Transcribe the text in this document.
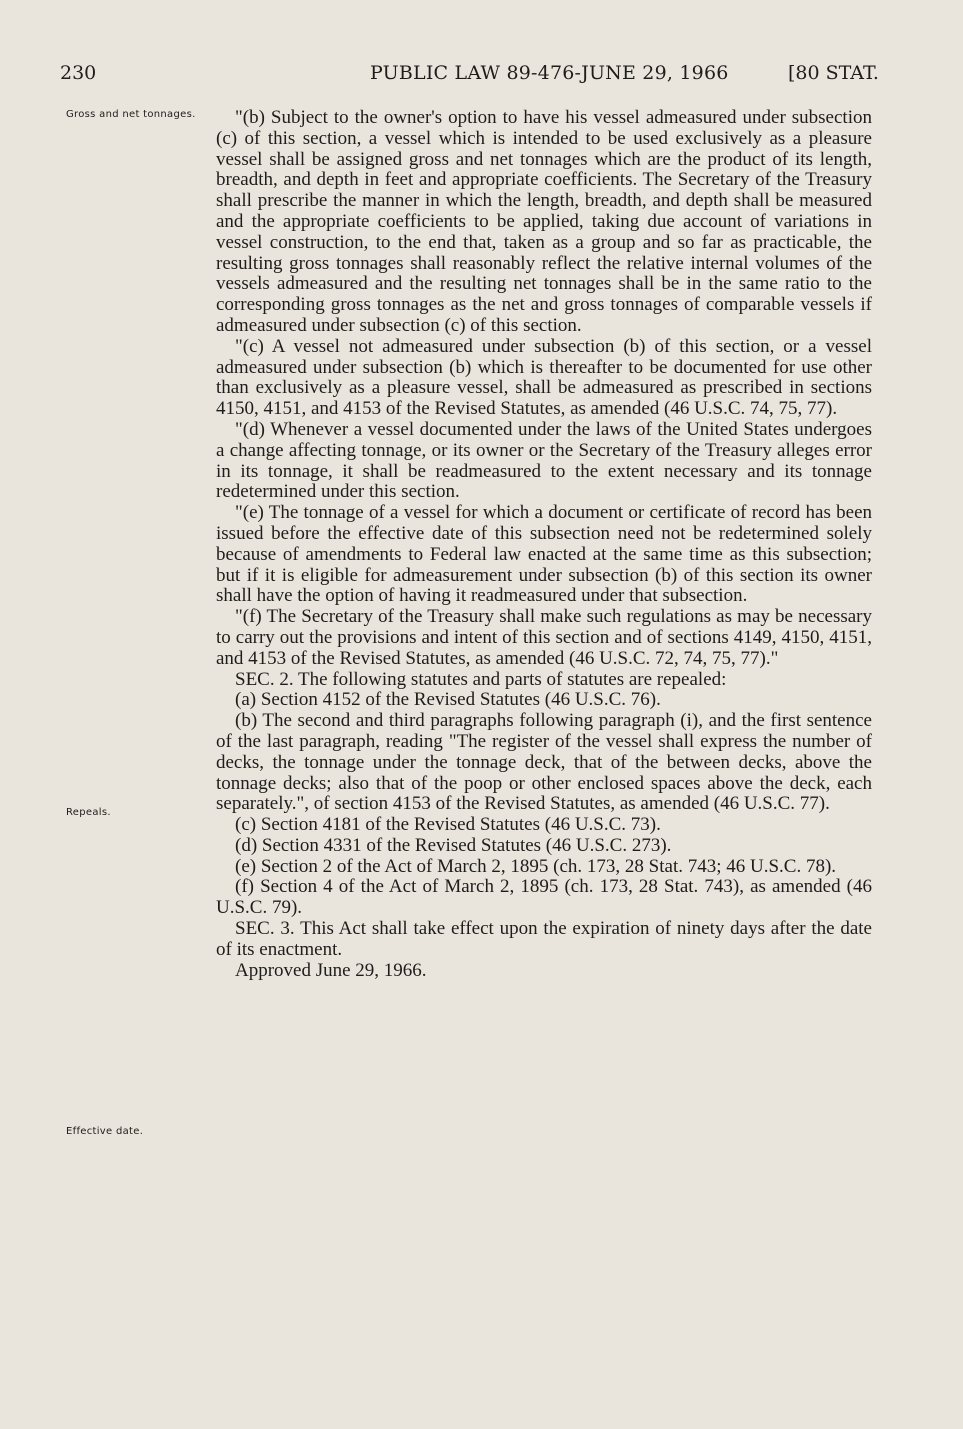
230	PUBLIC LAW 89-476-JUNE 29, 1966	[80 STAT.
Gross and net tonnages.
Repeals.
Effective date.

"(b) Subject to the owner's option to have his vessel admeasured under subsection (c) of this section, a vessel which is intended to be used exclusively as a pleasure vessel shall be assigned gross and net tonnages which are the product of its length, breadth, and depth in feet and appropriate coefficients. The Secretary of the Treasury shall prescribe the manner in which the length, breadth, and depth shall be measured and the appropriate coefficients to be applied, taking due account of variations in vessel construction, to the end that, taken as a group and so far as practicable, the resulting gross tonnages shall reasonably reflect the relative internal volumes of the vessels admeasured and the resulting net tonnages shall be in the same ratio to the corresponding gross tonnages as the net and gross tonnages of comparable vessels if admeasured under subsection (c) of this section.

"(c) A vessel not admeasured under subsection (b) of this section, or a vessel admeasured under subsection (b) which is thereafter to be documented for use other than exclusively as a pleasure vessel, shall be admeasured as prescribed in sections 4150, 4151, and 4153 of the Revised Statutes, as amended (46 U.S.C. 74, 75, 77).

"(d) Whenever a vessel documented under the laws of the United States undergoes a change affecting tonnage, or its owner or the Secretary of the Treasury alleges error in its tonnage, it shall be readmeasured to the extent necessary and its tonnage redetermined under this section.

"(e) The tonnage of a vessel for which a document or certificate of record has been issued before the effective date of this subsection need not be redetermined solely because of amendments to Federal law enacted at the same time as this subsection; but if it is eligible for admeasurement under subsection (b) of this section its owner shall have the option of having it readmeasured under that subsection.

"(f) The Secretary of the Treasury shall make such regulations as may be necessary to carry out the provisions and intent of this section and of sections 4149, 4150, 4151, and 4153 of the Revised Statutes, as amended (46 U.S.C. 72, 74, 75, 77)."

SEC. 2. The following statutes and parts of statutes are repealed:

(a) Section 4152 of the Revised Statutes (46 U.S.C. 76).

(b) The second and third paragraphs following paragraph (i), and the first sentence of the last paragraph, reading "The register of the vessel shall express the number of decks, the tonnage under the tonnage deck, that of the between decks, above the tonnage decks; also that of the poop or other enclosed spaces above the deck, each separately.", of section 4153 of the Revised Statutes, as amended (46 U.S.C. 77).

(c) Section 4181 of the Revised Statutes (46 U.S.C. 73).

(d) Section 4331 of the Revised Statutes (46 U.S.C. 273).

(e) Section 2 of the Act of March 2, 1895 (ch. 173, 28 Stat. 743; 46 U.S.C. 78).

(f) Section 4 of the Act of March 2, 1895 (ch. 173, 28 Stat. 743), as amended (46 U.S.C. 79).

SEC. 3. This Act shall take effect upon the expiration of ninety days after the date of its enactment.

Approved June 29, 1966.
